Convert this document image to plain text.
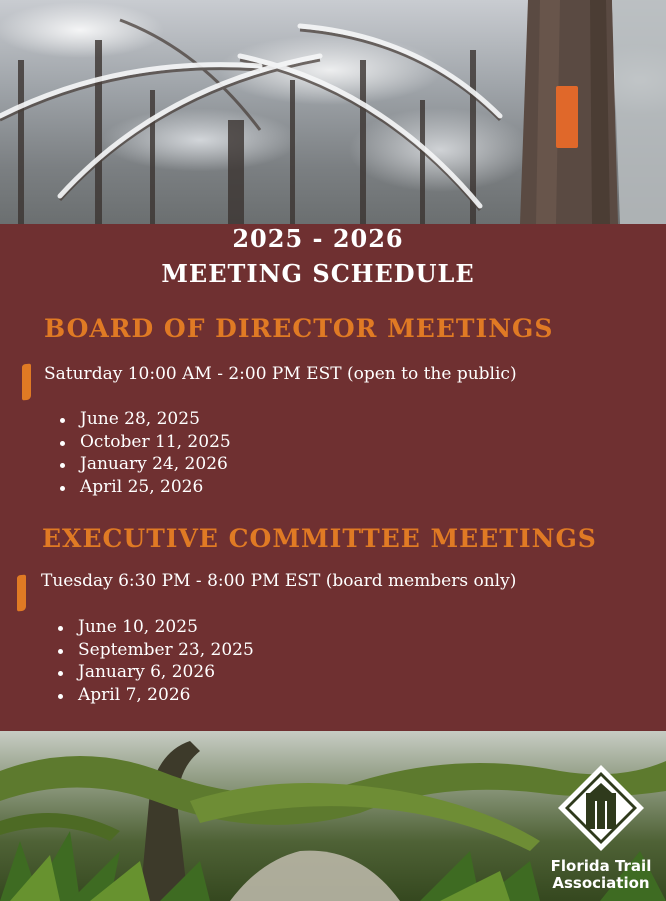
2025 - 2026
MEETING SCHEDULE
BOARD OF DIRECTOR MEETINGS
Saturday 10:00 AM - 2:00 PM EST (open to the public)
June 28, 2025
October 11, 2025
January 24, 2026
April 25, 2026
EXECUTIVE COMMITTEE MEETINGS
Tuesday 6:30 PM - 8:00 PM EST (board members only)
June 10, 2025
September 23, 2025
January 6, 2026
April 7, 2026
Florida Trail
Association
